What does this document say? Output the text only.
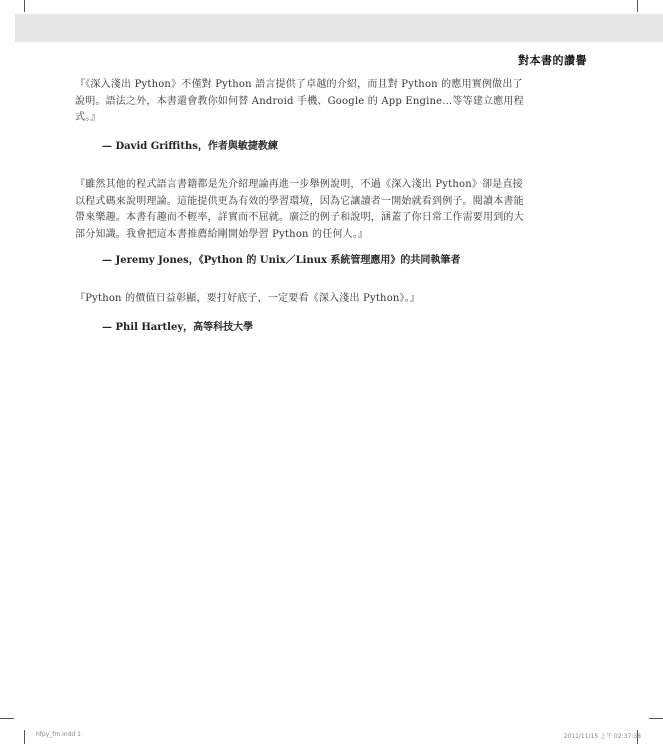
對本書的讚譽
『《深入淺出 Python》不僅對 Python 語言提供了卓越的介紹，而且對 Python 的應用實例做出了說明。語法之外，本書還會教你如何替 Android 手機、Google 的 App Engine…等等建立應用程式。』
— David Griffiths，作者與敏捷教練
『雖然其他的程式語言書籍都是先介紹理論再進一步舉例說明，不過《深入淺出 Python》卻是直接以程式碼來說明理論。這能提供更為有效的學習環境，因為它讓讀者一開始就看到例子。閱讀本書能帶來樂趣。本書有趣而不輕率，詳實而不屈就。廣泛的例子和說明，涵蓋了你日常工作需要用到的大部分知識。我會把這本書推薦給剛開始學習 Python 的任何人。』
— Jeremy Jones，《Python 的 Unix／Linux 系統管理應用》的共同執筆者
『Python 的價值日益彰顯，要打好底子，一定要看《深入淺出 Python》。』
— Phil Hartley，高等科技大學
hfpy_fm.indd 1	2011/11/15 上午 02:37:38
